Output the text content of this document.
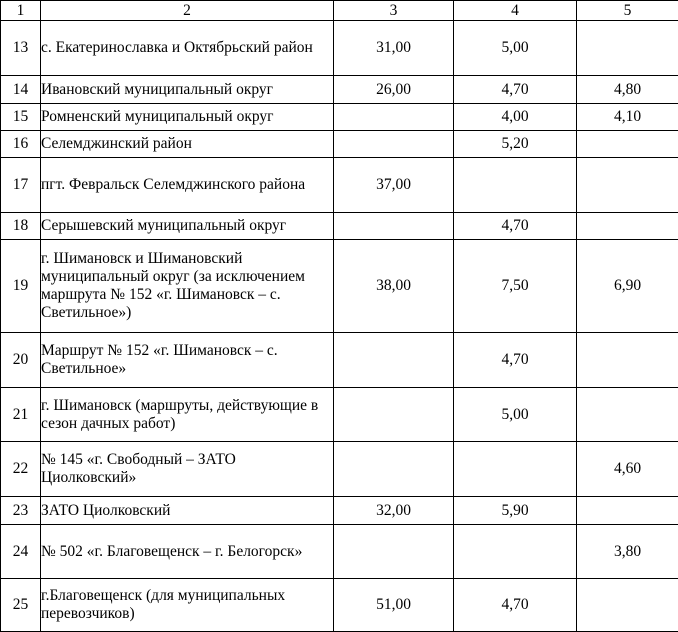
1	2	3	4	5
13	с. Екатеринославка и Октябрьский район	31,00	5,00	
14	Ивановский муниципальный округ	26,00	4,70	4,80
15	Ромненский муниципальный округ		4,00	4,10
16	Селемджинский район		5,20	
17	пгт. Февральск Селемджинского района	37,00		
18	Серышевский муниципальный округ		4,70	
19	г. Шимановск и Шимановский муниципальный округ (за исключением маршрута № 152 «г. Шимановск – с. Светильное»)	38,00	7,50	6,90
20	Маршрут № 152 «г. Шимановск – с. Светильное»		4,70	
21	г. Шимановск (маршруты, действующие в сезон дачных работ)		5,00	
22	№ 145 «г. Свободный – ЗАТО Циолковский»			4,60
23	ЗАТО Циолковский	32,00	5,90	
24	№ 502 «г. Благовещенск – г. Белогорск»			3,80
25	г.Благовещенск (для муниципальных перевозчиков)	51,00	4,70	
